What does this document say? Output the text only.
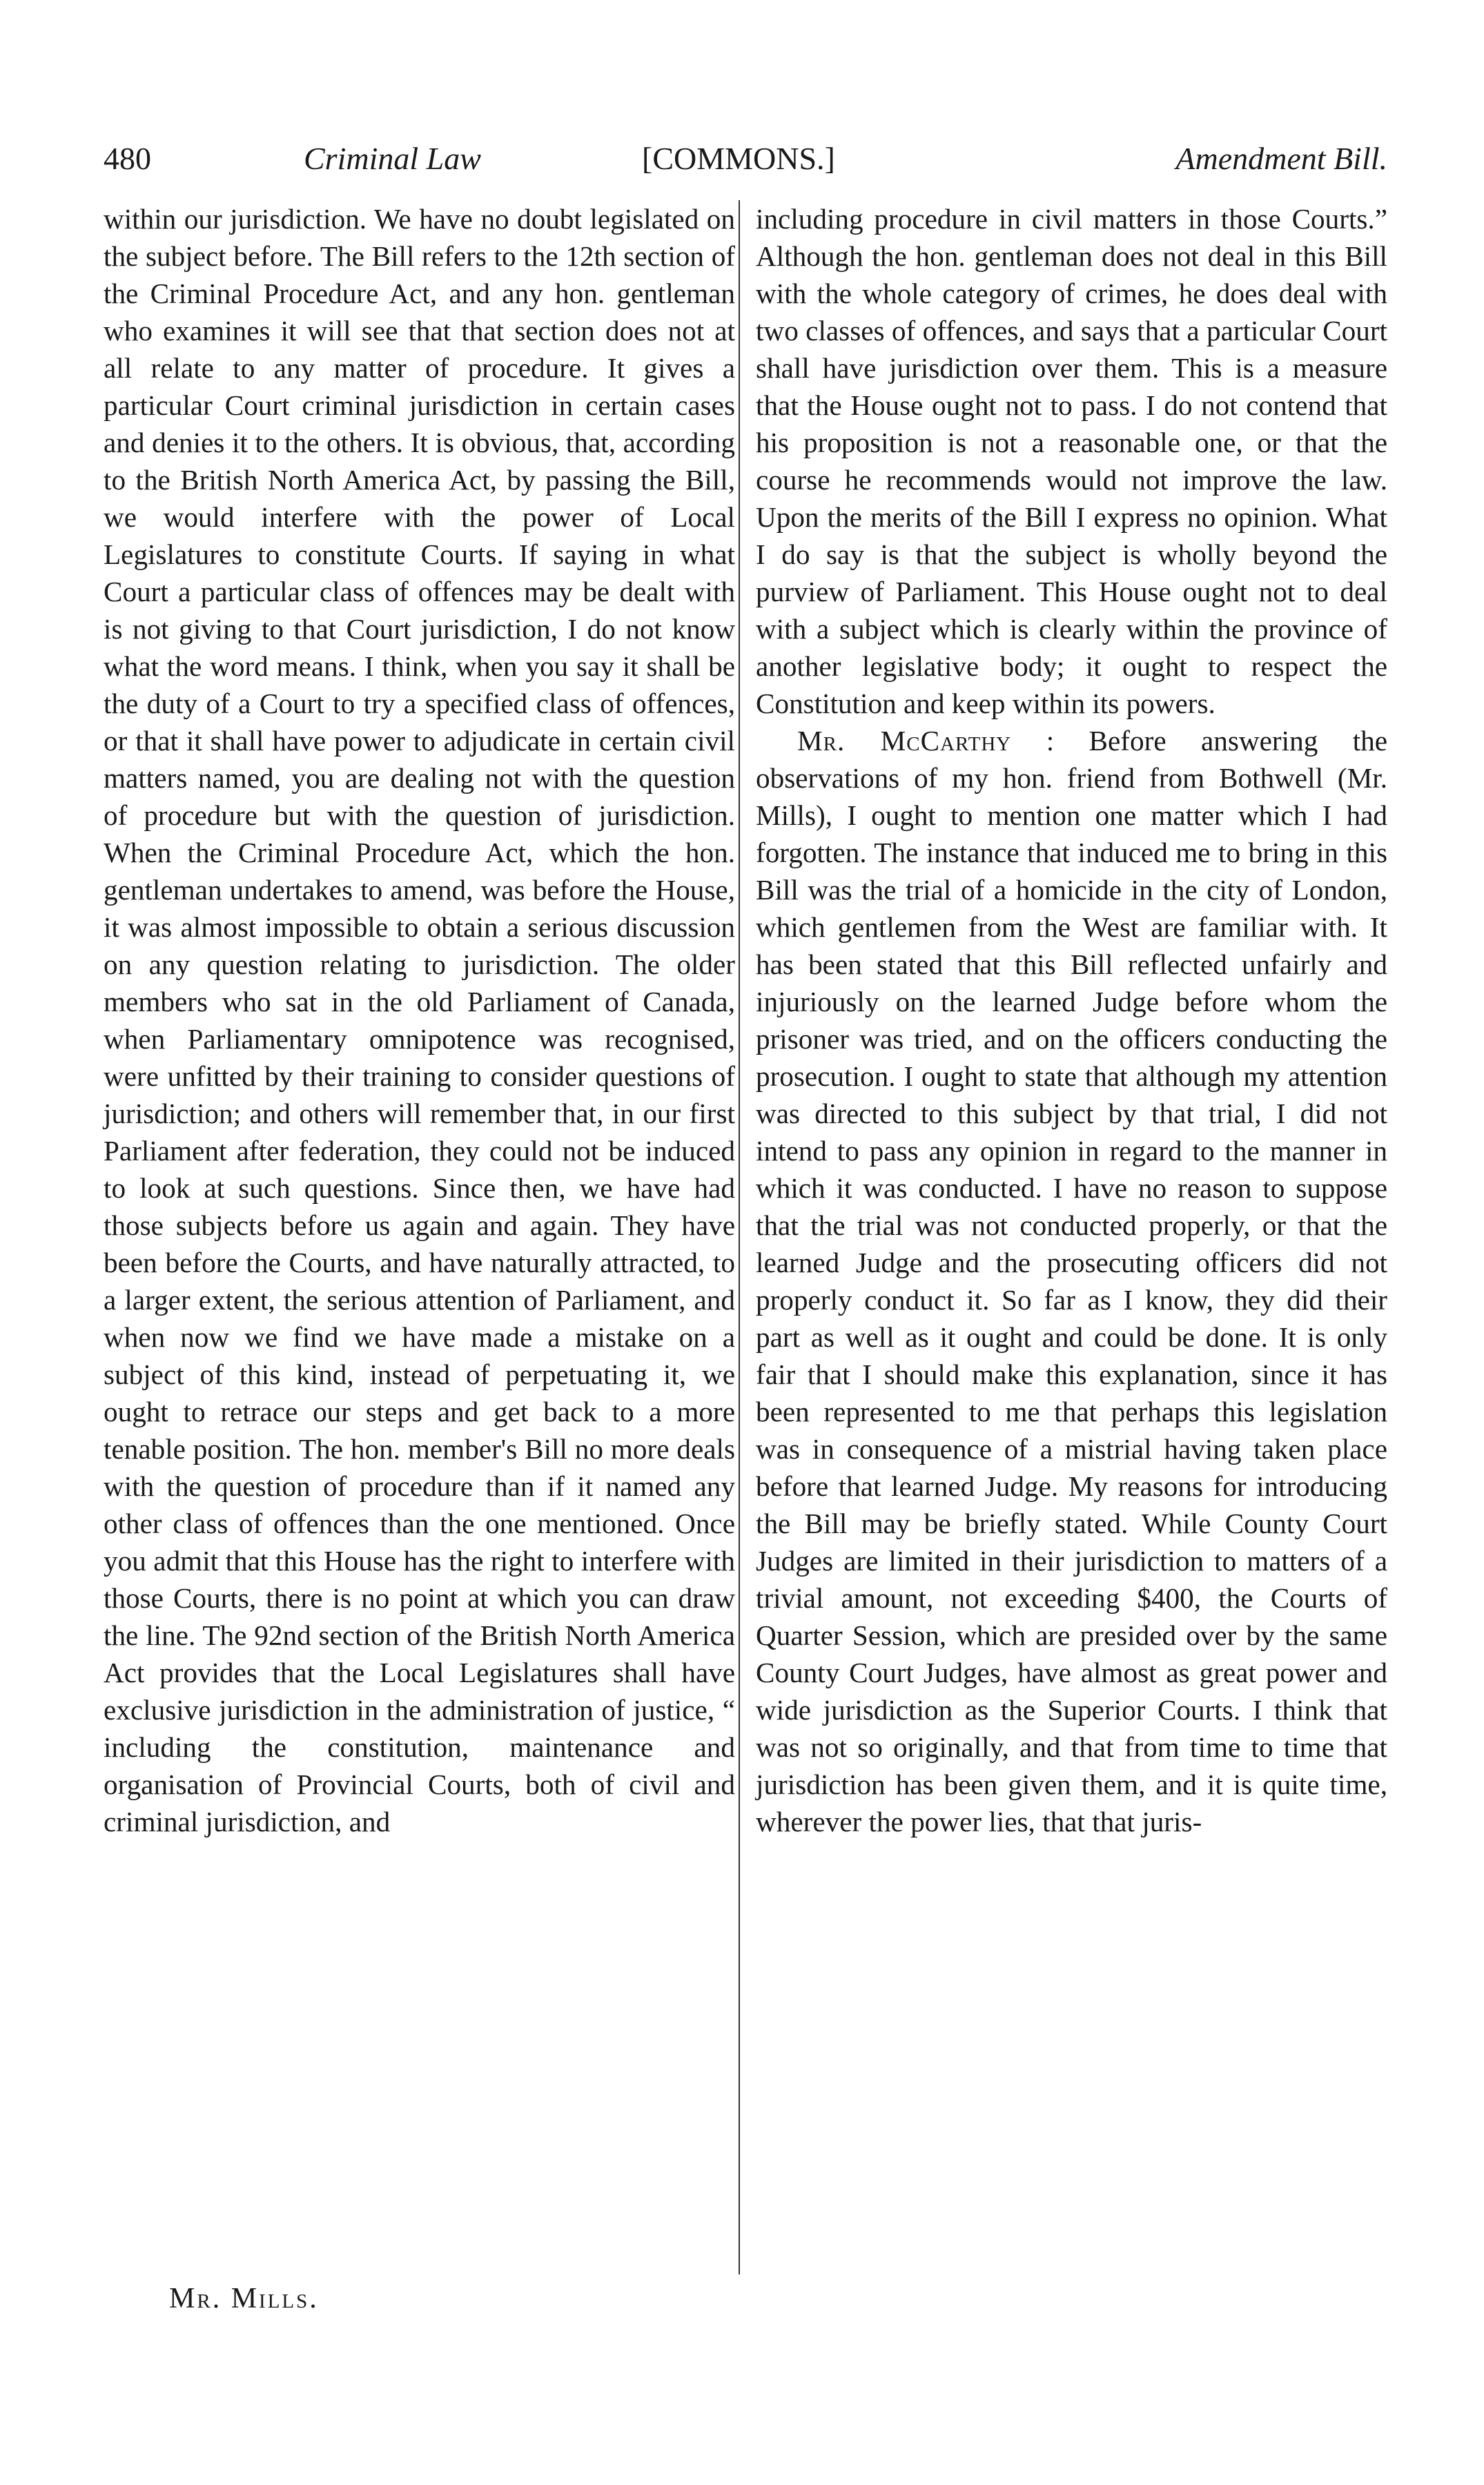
480	Criminal Law	[COMMONS.]	Amendment Bill.

within our jurisdiction. We have no doubt legislated on the subject before. The Bill refers to the 12th section of the Criminal Procedure Act, and any hon. gentleman who examines it will see that that section does not at all relate to any matter of procedure. It gives a particular Court criminal jurisdiction in certain cases and denies it to the others. It is obvious, that, according to the British North America Act, by passing the Bill, we would interfere with the power of Local Legislatures to constitute Courts. If saying in what Court a particular class of offences may be dealt with is not giving to that Court jurisdiction, I do not know what the word means. I think, when you say it shall be the duty of a Court to try a specified class of offences, or that it shall have power to adjudicate in certain civil matters named, you are dealing not with the question of procedure but with the question of jurisdiction. When the Criminal Procedure Act, which the hon. gentleman undertakes to amend, was before the House, it was almost impossible to obtain a serious discussion on any question relating to jurisdiction. The older members who sat in the old Parliament of Canada, when Parliamentary omnipotence was recognised, were unfitted by their training to consider questions of jurisdiction; and others will remember that, in our first Parliament after federation, they could not be induced to look at such questions. Since then, we have had those subjects before us again and again. They have been before the Courts, and have naturally attracted, to a larger extent, the serious attention of Parliament, and when now we find we have made a mistake on a subject of this kind, instead of perpetuating it, we ought to retrace our steps and get back to a more tenable position. The hon. member's Bill no more deals with the question of procedure than if it named any other class of offences than the one mentioned. Once you admit that this House has the right to interfere with those Courts, there is no point at which you can draw the line. The 92nd section of the British North America Act provides that the Local Legislatures shall have exclusive jurisdiction in the administration of justice, “ including the constitution, maintenance and organisation of Provincial Courts, both of civil and criminal jurisdiction, and

including procedure in civil matters in those Courts.” Although the hon. gentleman does not deal in this Bill with the whole category of crimes, he does deal with two classes of offences, and says that a particular Court shall have jurisdiction over them. This is a measure that the House ought not to pass. I do not contend that his proposition is not a reasonable one, or that the course he recommends would not improve the law. Upon the merits of the Bill I express no opinion. What I do say is that the subject is wholly beyond the purview of Parliament. This House ought not to deal with a subject which is clearly within the province of another legislative body; it ought to respect the Constitution and keep within its powers.

Mr. McCarthy : Before answering the observations of my hon. friend from Bothwell (Mr. Mills), I ought to mention one matter which I had forgotten. The instance that induced me to bring in this Bill was the trial of a homicide in the city of London, which gentlemen from the West are familiar with. It has been stated that this Bill reflected unfairly and injuriously on the learned Judge before whom the prisoner was tried, and on the officers conducting the prosecution. I ought to state that although my attention was directed to this subject by that trial, I did not intend to pass any opinion in regard to the manner in which it was conducted. I have no reason to suppose that the trial was not conducted properly, or that the learned Judge and the prosecuting officers did not properly conduct it. So far as I know, they did their part as well as it ought and could be done. It is only fair that I should make this explanation, since it has been represented to me that perhaps this legislation was in consequence of a mistrial having taken place before that learned Judge. My reasons for introducing the Bill may be briefly stated. While County Court Judges are limited in their jurisdiction to matters of a trivial amount, not exceeding $400, the Courts of Quarter Session, which are presided over by the same County Court Judges, have almost as great power and wide jurisdiction as the Superior Courts. I think that was not so originally, and that from time to time that jurisdiction has been given them, and it is quite time, wherever the power lies, that that juris-

Mr. Mills.
